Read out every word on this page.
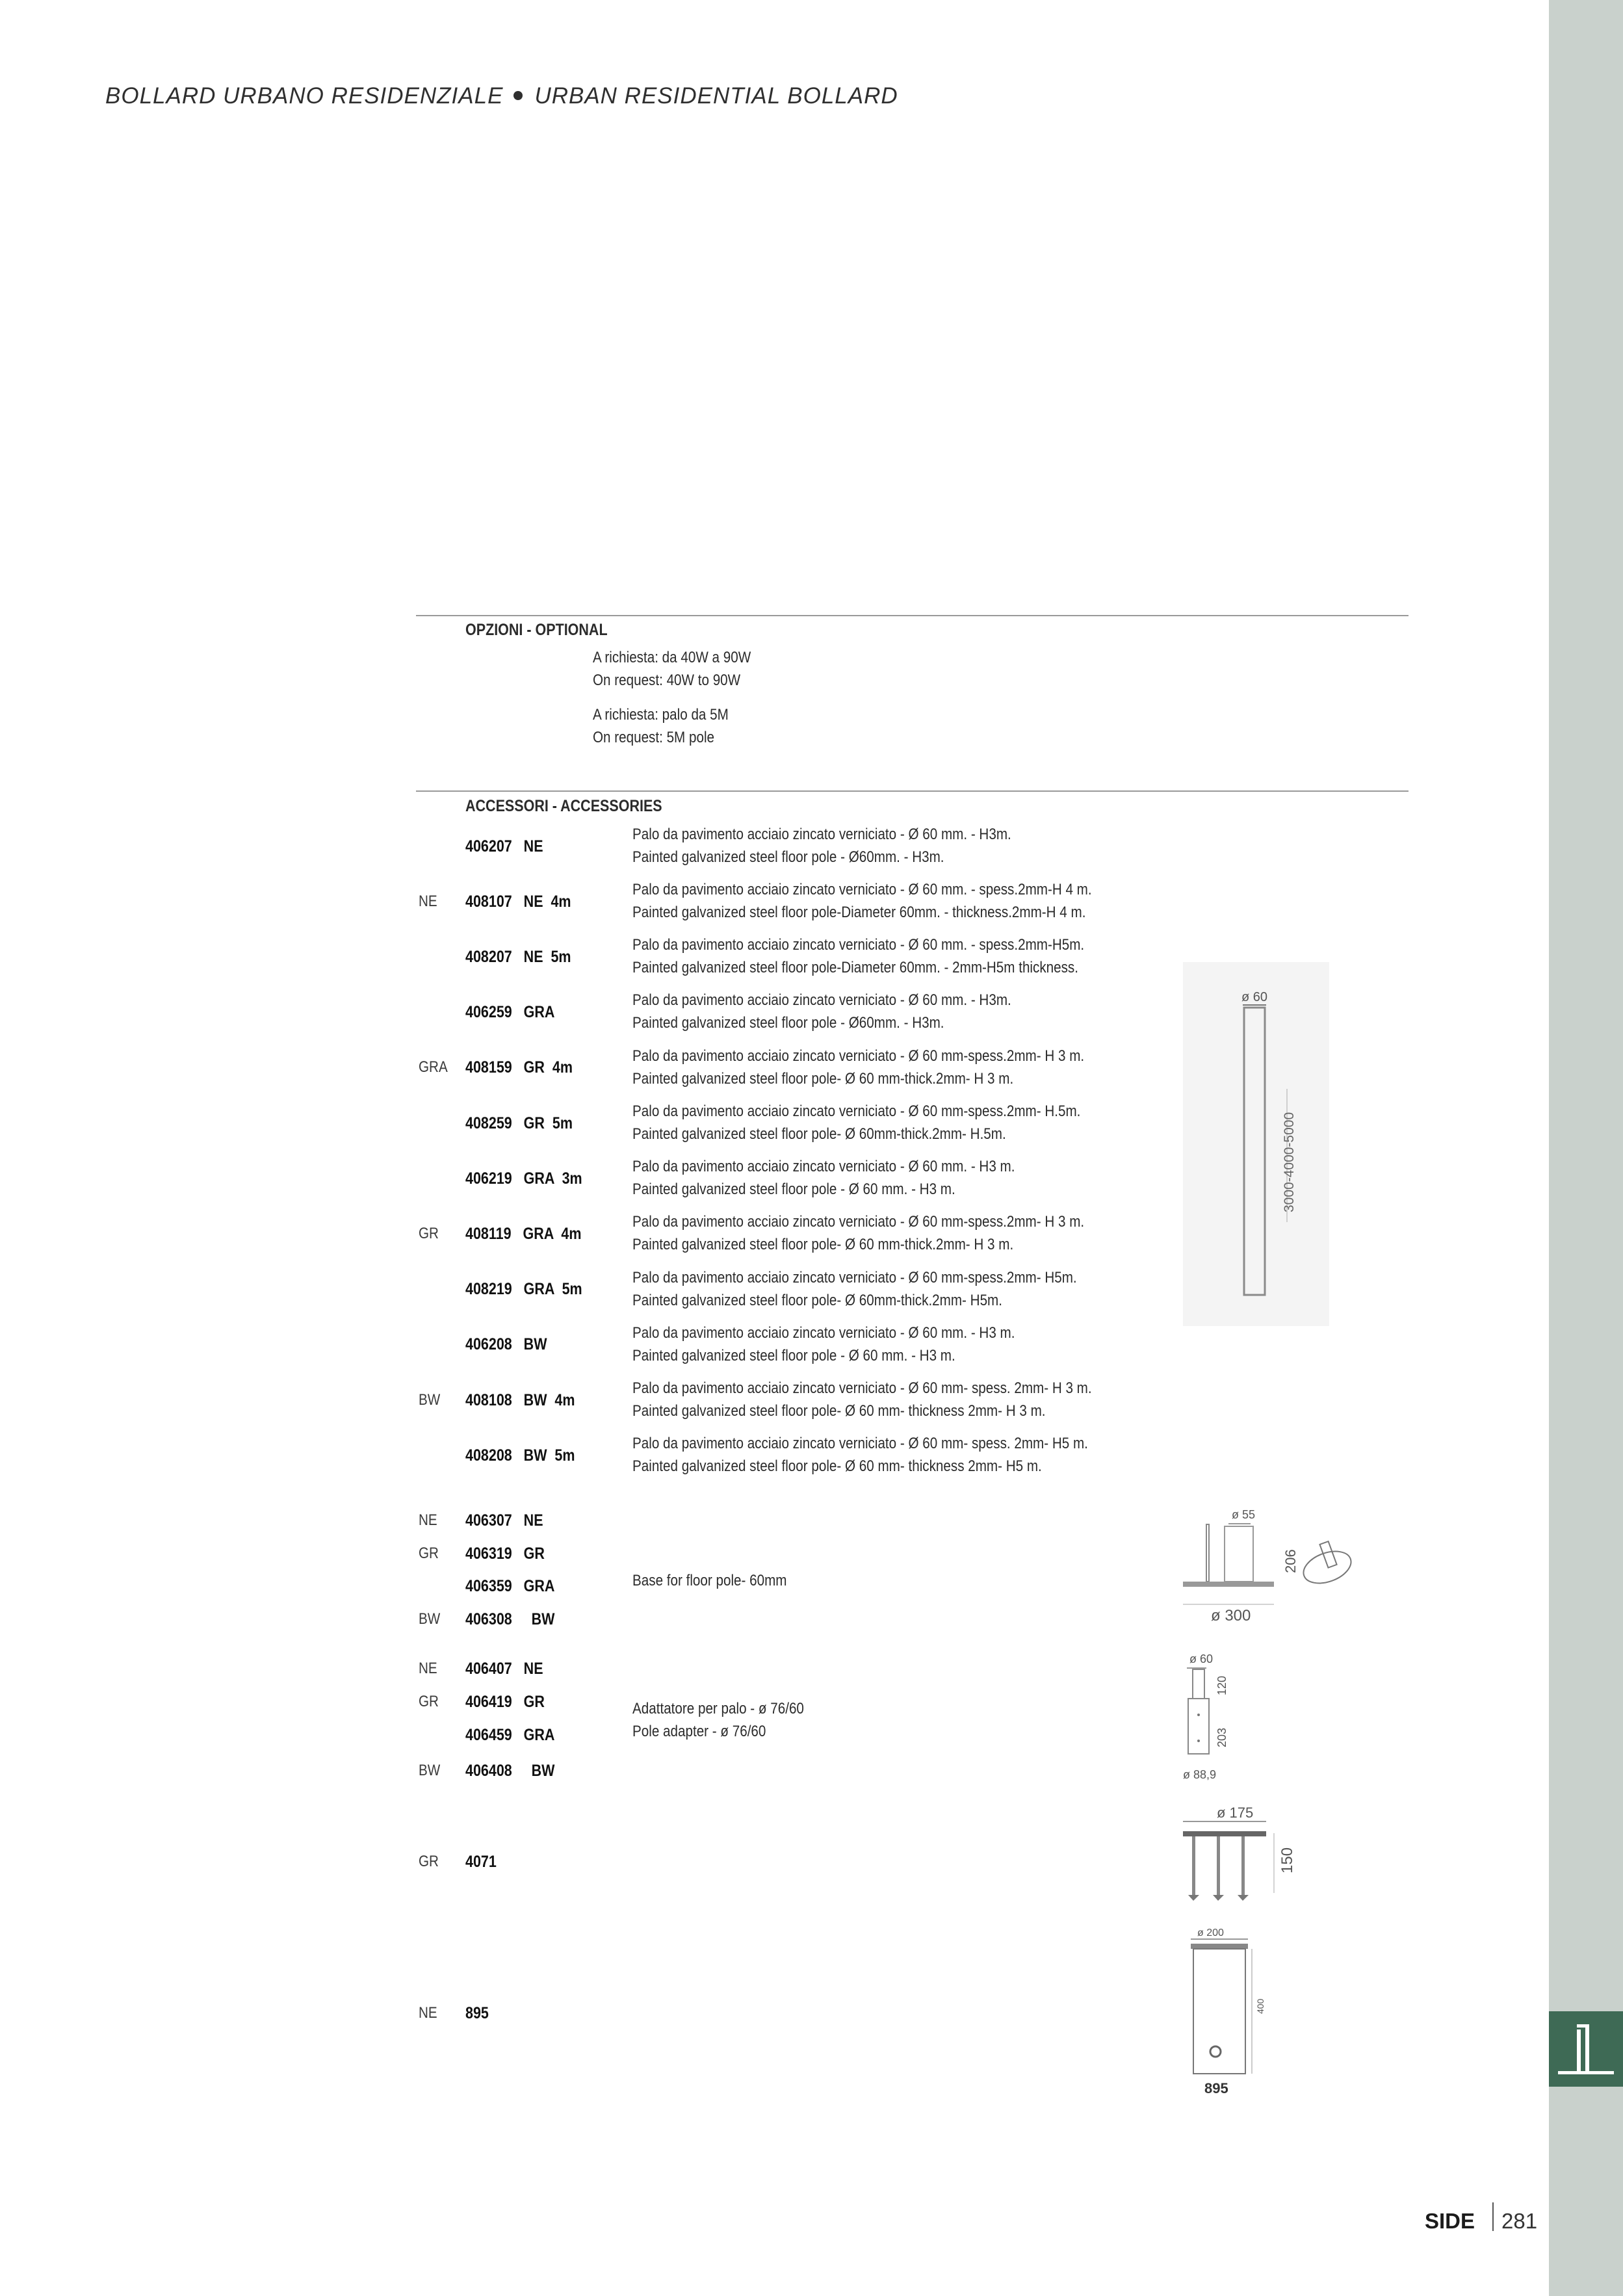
BOLLARD URBANO RESIDENZIALE URBAN RESIDENTIAL BOLLARD
OPZIONI - OPTIONAL
A richiesta: da 40W a 90W
On request: 40W to 90W
A richiesta: palo da 5M
On request: 5M pole
ACCESSORI - ACCESSORIES
NE
GRA
GR
BW
406207   NE
408107   NE  4m
408207   NE  5m
406259   GRA
408159   GR  4m
408259   GR  5m
406219   GRA  3m
408119   GRA  4m
408219   GRA  5m
406208   BW
408108   BW  4m
408208   BW  5m
Palo da pavimento acciaio zincato verniciato - Ø 60 mm. - H3m.
Painted galvanized steel floor pole - Ø60mm. - H3m.
Palo da pavimento acciaio zincato verniciato - Ø 60 mm. - spess.2mm-H 4 m.
Painted galvanized steel floor pole-Diameter 60mm. - thickness.2mm-H 4 m.
Palo da pavimento acciaio zincato verniciato - Ø 60 mm. - spess.2mm-H5m.
Painted galvanized steel floor pole-Diameter 60mm. - 2mm-H5m thickness.
Palo da pavimento acciaio zincato verniciato - Ø 60 mm. - H3m.
Painted galvanized steel floor pole - Ø60mm. - H3m.
Palo da pavimento acciaio zincato verniciato - Ø 60 mm-spess.2mm- H 3 m.
Painted galvanized steel floor pole- Ø 60 mm-thick.2mm- H 3 m.
Palo da pavimento acciaio zincato verniciato - Ø 60 mm-spess.2mm- H.5m.
Painted galvanized steel floor pole- Ø 60mm-thick.2mm- H.5m.
Palo da pavimento acciaio zincato verniciato - Ø 60 mm. - H3 m.
Painted galvanized steel floor pole - Ø 60 mm. - H3 m.
Palo da pavimento acciaio zincato verniciato - Ø 60 mm-spess.2mm- H 3 m.
Painted galvanized steel floor pole- Ø 60 mm-thick.2mm- H 3 m.
Palo da pavimento acciaio zincato verniciato - Ø 60 mm-spess.2mm- H5m.
Painted galvanized steel floor pole- Ø 60mm-thick.2mm- H5m.
Palo da pavimento acciaio zincato verniciato - Ø 60 mm. - H3 m.
Painted galvanized steel floor pole - Ø 60 mm. - H3 m.
Palo da pavimento acciaio zincato verniciato - Ø 60 mm- spess. 2mm- H 3 m.
Painted galvanized steel floor pole- Ø 60 mm- thickness 2mm- H 3 m.
Palo da pavimento acciaio zincato verniciato - Ø 60 mm- spess. 2mm- H5 m.
Painted galvanized steel floor pole- Ø 60 mm- thickness 2mm- H5 m.
NE
GR
BW
406307   NE
406319   GR
406359   GRA
406308     BW
Base for floor pole- 60mm
NE
GR
BW
406407   NE
406419   GR
406459   GRA
406408     BW
Adattatore per palo - ø 76/60
Pole adapter - ø 76/60
GR 4071
NE 895
ø 60
3000-4000-5000
ø 55
206
ø 300
ø 60
120
203
ø 88,9
ø 175
150
ø 200
400
895
SIDE 281
